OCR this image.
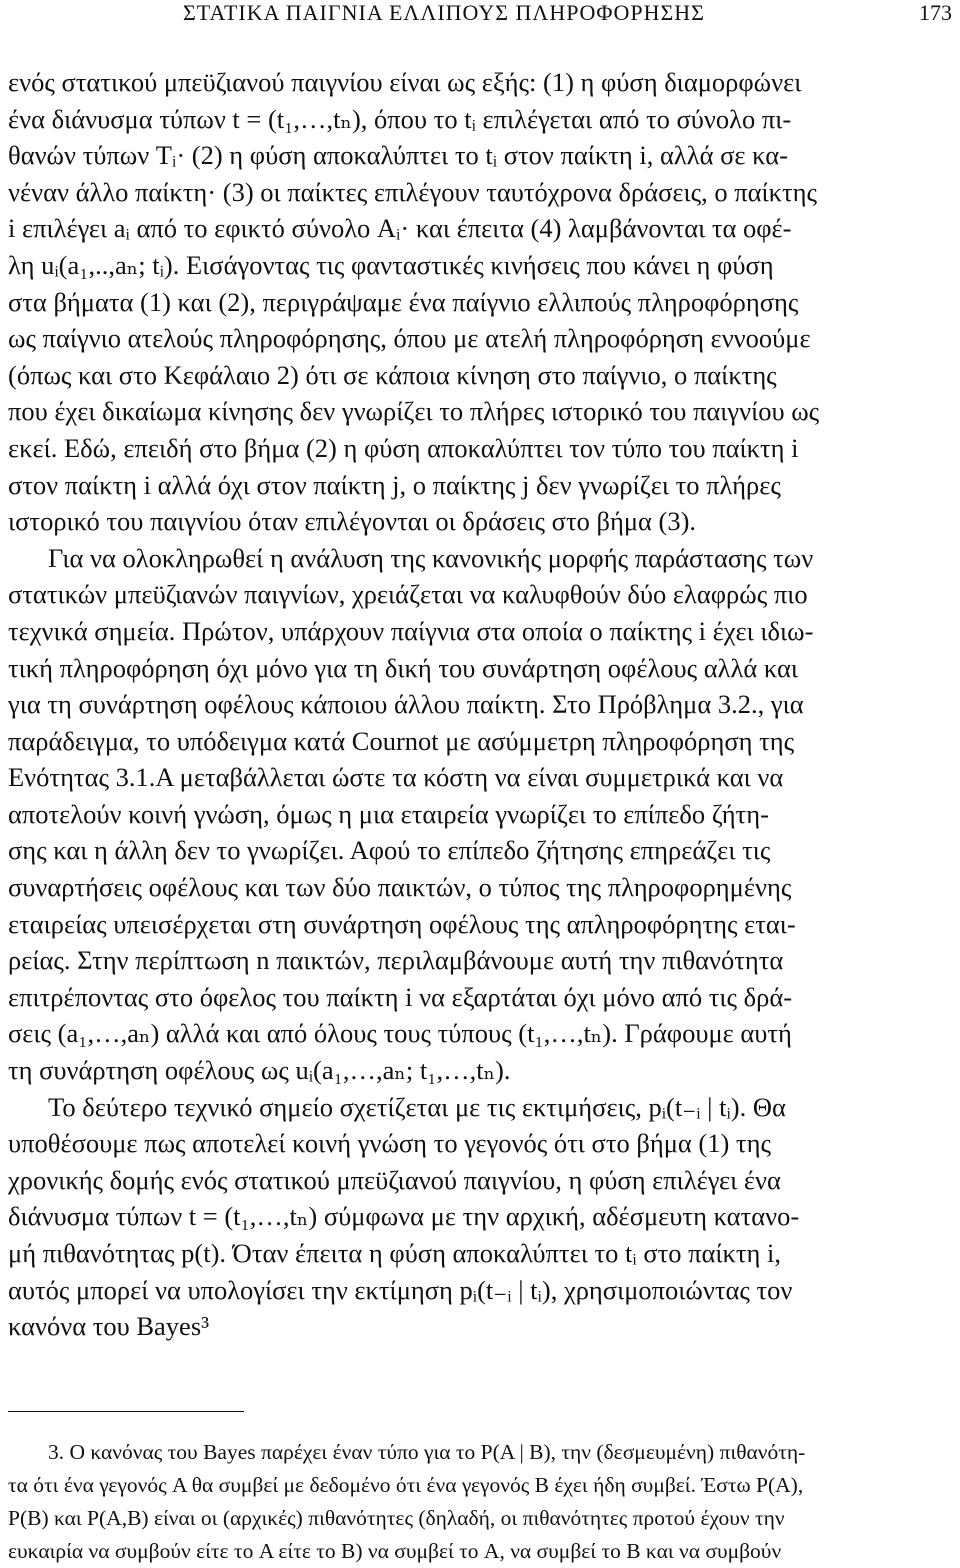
ΣΤΑΤΙΚΑ ΠΑΙΓΝΙΑ ΕΛΛΙΠΟΥΣ ΠΛΗΡΟΦΟΡΗΣΗΣ	173
ενός στατικού μπεϋζιανού παιγνίου είναι ως εξής: (1) η φύση διαμορφώνει
ένα διάνυσμα τύπων t = (t₁,…,tₙ), όπου το tᵢ επιλέγεται από το σύνολο πι-
θανών τύπων Tᵢ· (2) η φύση αποκαλύπτει το tᵢ στον παίκτη i, αλλά σε κα-
νέναν άλλο παίκτη· (3) οι παίκτες επιλέγουν ταυτόχρονα δράσεις, ο παίκτης
i επιλέγει aᵢ από το εφικτό σύνολο Aᵢ· και έπειτα (4) λαμβάνονται τα οφέ-
λη uᵢ(a₁,..,aₙ; tᵢ). Εισάγοντας τις φανταστικές κινήσεις που κάνει η φύση
στα βήματα (1) και (2), περιγράψαμε ένα παίγνιο ελλιπούς πληροφόρησης
ως παίγνιο ατελούς πληροφόρησης, όπου με ατελή πληροφόρηση εννοούμε
(όπως και στο Κεφάλαιο 2) ότι σε κάποια κίνηση στο παίγνιο, ο παίκτης
που έχει δικαίωμα κίνησης δεν γνωρίζει το πλήρες ιστορικό του παιγνίου ως
εκεί. Εδώ, επειδή στο βήμα (2) η φύση αποκαλύπτει τον τύπο του παίκτη i
στον παίκτη i αλλά όχι στον παίκτη j, ο παίκτης j δεν γνωρίζει το πλήρες
ιστορικό του παιγνίου όταν επιλέγονται οι δράσεις στο βήμα (3).
Για να ολοκληρωθεί η ανάλυση της κανονικής μορφής παράστασης των
στατικών μπεϋζιανών παιγνίων, χρειάζεται να καλυφθούν δύο ελαφρώς πιο
τεχνικά σημεία. Πρώτον, υπάρχουν παίγνια στα οποία ο παίκτης i έχει ιδιω-
τική πληροφόρηση όχι μόνο για τη δική του συνάρτηση οφέλους αλλά και
για τη συνάρτηση οφέλους κάποιου άλλου παίκτη. Στο Πρόβλημα 3.2., για
παράδειγμα, το υπόδειγμα κατά Cournot με ασύμμετρη πληροφόρηση της
Ενότητας 3.1.Α μεταβάλλεται ώστε τα κόστη να είναι συμμετρικά και να
αποτελούν κοινή γνώση, όμως η μια εταιρεία γνωρίζει το επίπεδο ζήτη-
σης και η άλλη δεν το γνωρίζει. Αφού το επίπεδο ζήτησης επηρεάζει τις
συναρτήσεις οφέλους και των δύο παικτών, ο τύπος της πληροφορημένης
εταιρείας υπεισέρχεται στη συνάρτηση οφέλους της απληροφόρητης εται-
ρείας. Στην περίπτωση n παικτών, περιλαμβάνουμε αυτή την πιθανότητα
επιτρέποντας στο όφελος του παίκτη i να εξαρτάται όχι μόνο από τις δρά-
σεις (a₁,…,aₙ) αλλά και από όλους τους τύπους (t₁,…,tₙ). Γράφουμε αυτή
τη συνάρτηση οφέλους ως uᵢ(a₁,…,aₙ; t₁,…,tₙ).
Το δεύτερο τεχνικό σημείο σχετίζεται με τις εκτιμήσεις, pᵢ(t₋ᵢ | tᵢ). Θα
υποθέσουμε πως αποτελεί κοινή γνώση το γεγονός ότι στο βήμα (1) της
χρονικής δομής ενός στατικού μπεϋζιανού παιγνίου, η φύση επιλέγει ένα
διάνυσμα τύπων t = (t₁,…,tₙ) σύμφωνα με την αρχική, αδέσμευτη κατανο-
μή πιθανότητας p(t). Όταν έπειτα η φύση αποκαλύπτει το tᵢ στο παίκτη i,
αυτός μπορεί να υπολογίσει την εκτίμηση pᵢ(t₋ᵢ | tᵢ), χρησιμοποιώντας τον
κανόνα του Bayes³
3. Ο κανόνας του Bayes παρέχει έναν τύπο για το P(A | B), την (δεσμευμένη) πιθανότη-
τα ότι ένα γεγονός A θα συμβεί με δεδομένο ότι ένα γεγονός B έχει ήδη συμβεί. Έστω P(A),
P(B) και P(A,B) είναι οι (αρχικές) πιθανότητες (δηλαδή, οι πιθανότητες προτού έχουν την
ευκαιρία να συμβούν είτε το A είτε το B) να συμβεί το A, να συμβεί το B και να συμβούν
